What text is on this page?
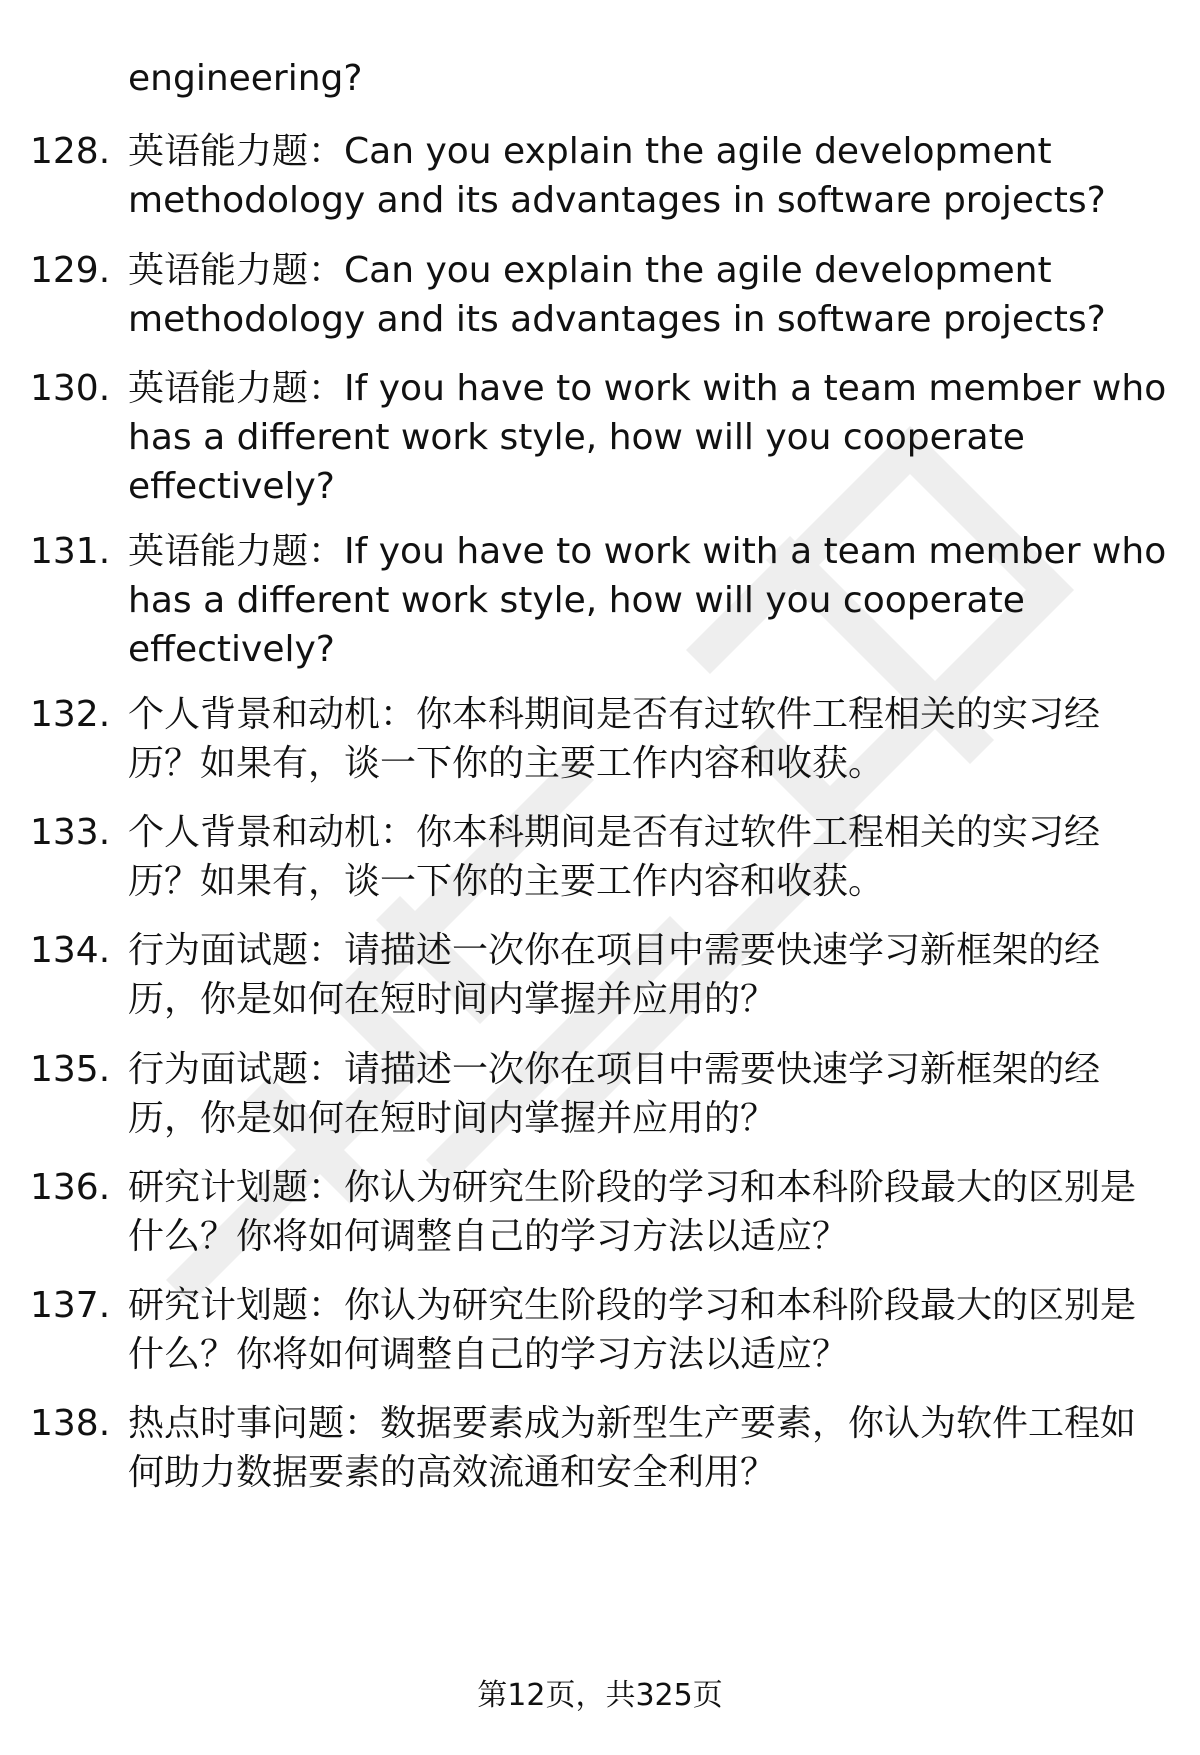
engineering?
128. 英语能力题：Can you explain the agile development methodology and its advantages in software projects?
129. 英语能力题：Can you explain the agile development methodology and its advantages in software projects?
130. 英语能力题：If you have to work with a team member who has a different work style, how will you cooperate effectively?
131. 英语能力题：If you have to work with a team member who has a different work style, how will you cooperate effectively?
132. 个人背景和动机：你本科期间是否有过软件工程相关的实习经历？如果有，谈一下你的主要工作内容和收获。
133. 个人背景和动机：你本科期间是否有过软件工程相关的实习经历？如果有，谈一下你的主要工作内容和收获。
134. 行为面试题：请描述一次你在项目中需要快速学习新框架的经历，你是如何在短时间内掌握并应用的？
135. 行为面试题：请描述一次你在项目中需要快速学习新框架的经历，你是如何在短时间内掌握并应用的？
136. 研究计划题：你认为研究生阶段的学习和本科阶段最大的区别是什么？你将如何调整自己的学习方法以适应？
137. 研究计划题：你认为研究生阶段的学习和本科阶段最大的区别是什么？你将如何调整自己的学习方法以适应？
138. 热点时事问题：数据要素成为新型生产要素，你认为软件工程如何助力数据要素的高效流通和安全利用？
第12页，共325页
